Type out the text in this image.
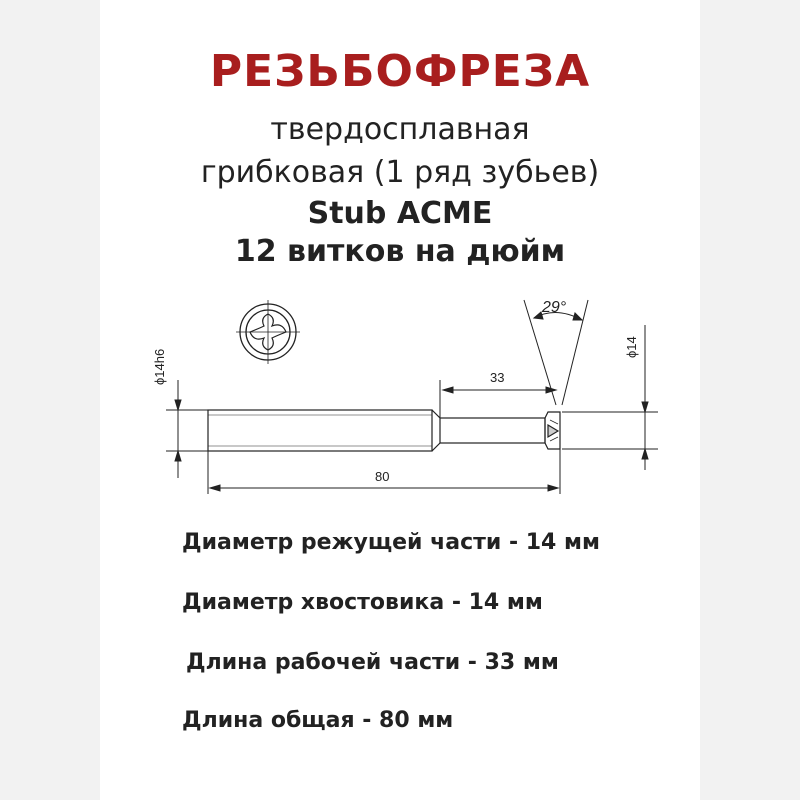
РЕЗЬБОФРЕЗА

твердосплавная

грибковая (1 ряд зубьев)

Stub ACME

12 витков на дюйм

ϕ14h6
ϕ14
29°
33
80

Диаметр режущей части - 14 мм

Диаметр хвостовика - 14 мм

Длина рабочей части - 33 мм

Длина общая - 80 мм
